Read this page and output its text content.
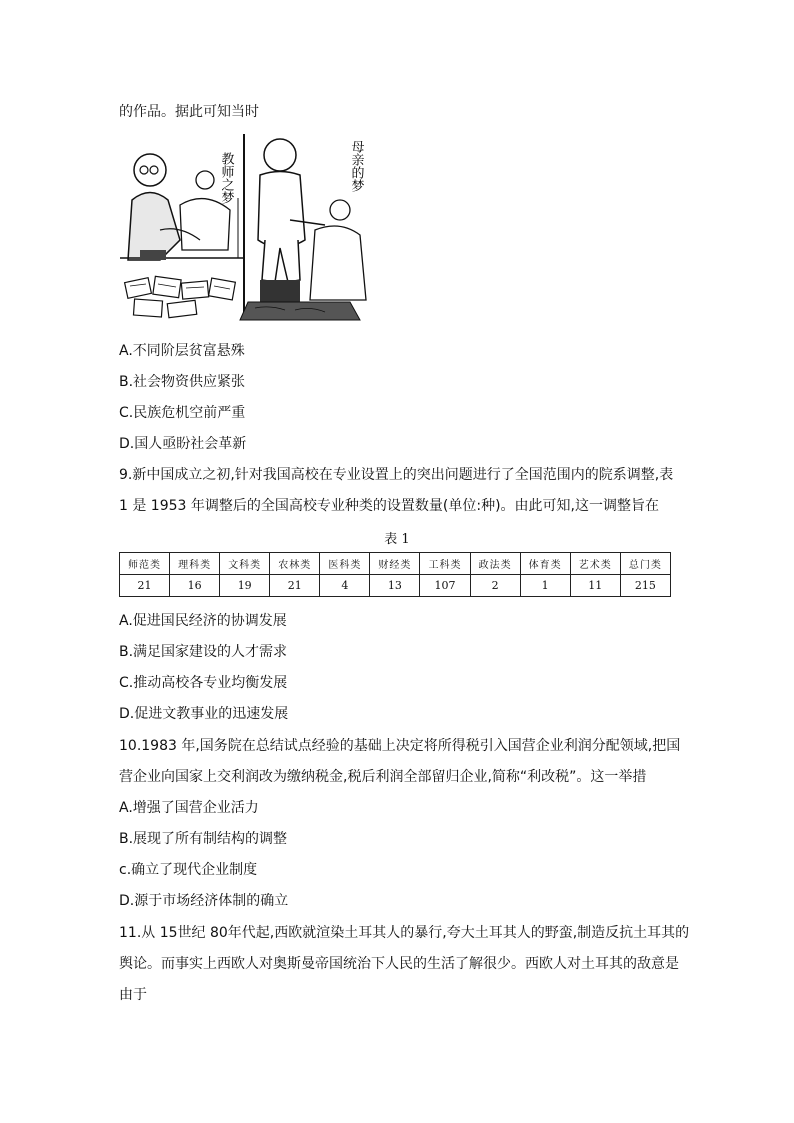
的作品。据此可知当时
教师之梦	母亲的梦
A.不同阶层贫富悬殊
B.社会物资供应紧张
C.民族危机空前严重
D.国人亟盼社会革新
9.新中国成立之初,针对我国高校在专业设置上的突出问题进行了全国范围内的院系调整,表
1 是 1953 年调整后的全国高校专业种类的设置数量(单位:种)。由此可知,这一调整旨在
表 1
师范类	理科类	文科类	农林类	医科类	财经类	工科类	政法类	体育类	艺术类	总门类
21	16	19	21	4	13	107	2	1	11	215
A.促进国民经济的协调发展
B.满足国家建设的人才需求
C.推动高校各专业均衡发展
D.促进文教事业的迅速发展
10.1983 年,国务院在总结试点经验的基础上决定将所得税引入国营企业利润分配领域,把国
营企业向国家上交利润改为缴纳税金,税后利润全部留归企业,简称“利改税”。这一举措
A.增强了国营企业活力
B.展现了所有制结构的调整
c.确立了现代企业制度
D.源于市场经济体制的确立
11.从 15世纪 80年代起,西欧就渲染土耳其人的暴行,夸大土耳其人的野蛮,制造反抗土耳其的
舆论。而事实上西欧人对奥斯曼帝国统治下人民的生活了解很少。西欧人对土耳其的敌意是
由于
